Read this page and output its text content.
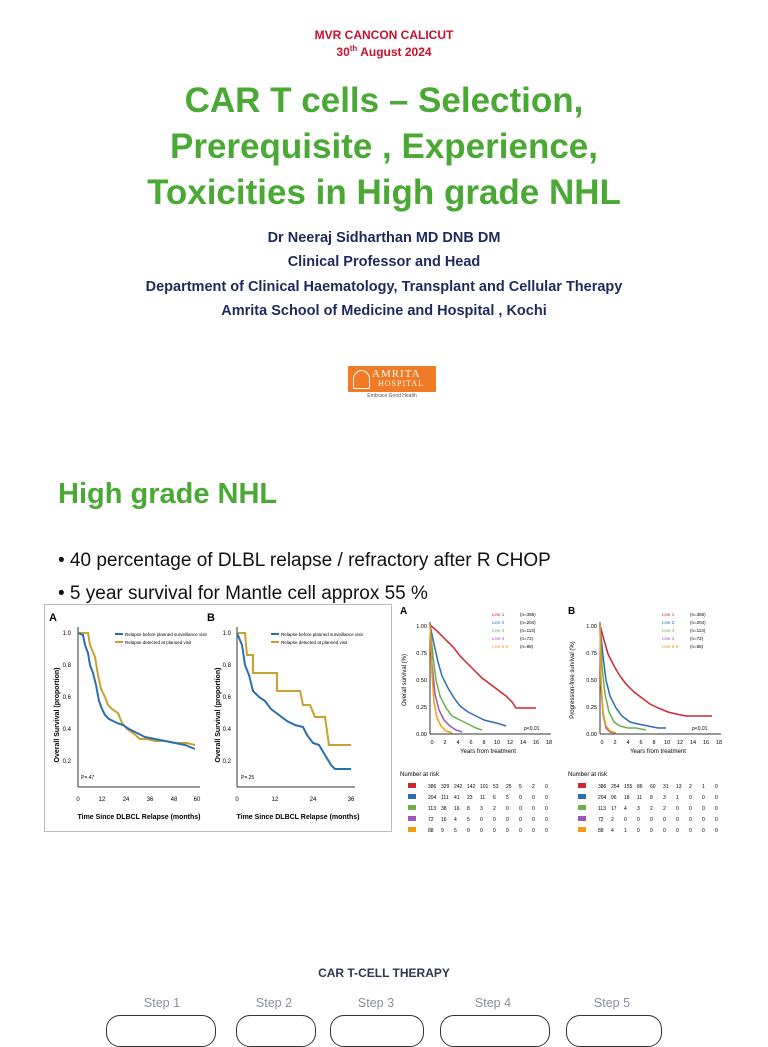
MVR CANCON CALICUT
30th August 2024
CAR T cells – Selection,
Prerequisite , Experience,
Toxicities in High grade NHL
Dr Neeraj Sidharthan MD DNB DM
Clinical Professor and Head
Department of Clinical Haematology, Transplant and Cellular Therapy
Amrita School of Medicine and Hospital , Kochi
AMRITA
HOSPITAL
Embrace Good Health
High grade NHL
• 40 percentage of DLBL relapse / refractory after R CHOP
• 5 year survival for Mantle cell approx 55 %
A
1.0
0.8
0.6
0.4
0.2
0	12	24	36	48	60
Overall Survival (proportion)
Time Since DLBCL Relapse (months)
Relapse before planned surveillance visit
Relapse detected at planned visit
P=.47
B
1.0
0.8
0.6
0.4
0.2
0	12	24	36
Overall Survival (proportion)
Time Since DLBCL Relapse (months)
Relapse before planned surveillance visit
Relapse detected at planned visit
P=.25
A
1.00
0.75
0.50
0.25
0.00
0 2 4 6 8 10 12 14 16 18
Overall survival (%)
Years from treatment
p<0.01
Line 1	(n=386)
Line 2	(n=204)
Line 3	(n=113)
Line 4	(n=72)
Line 5-8	(n=88)
B
1.00
0.75
0.50
0.25
0.00
0 2 4 6 8 10 12 14 16 18
Progression-free survival (%)
Years from treatment
p<0.01
Line 1	(n=386)
Line 2	(n=204)
Line 3	(n=113)
Line 4	(n=72)
Line 5-8	(n=88)
Number at risk	Number at risk
386 329 242 142 101 53 25 5 2 0
204 111 41 23 11 6 5 0 0 0
113 38 16 8 3 2 0 0 0 0
72 16 4 5 0 0 0 0 0 0
88 9 5 0 0 0 0 0 0 0
386 254 155 86 60 31 13 2 1 0
204 96 18 11 8 3 1 0 0 0
113 17 4 3 2 2 0 0 0 0
72 2 0 0 0 0 0 0 0 0
88 4 1 0 0 0 0 0 0 0
CAR T-CELL THERAPY
Step 1	Step 2	Step 3	Step 4	Step 5
